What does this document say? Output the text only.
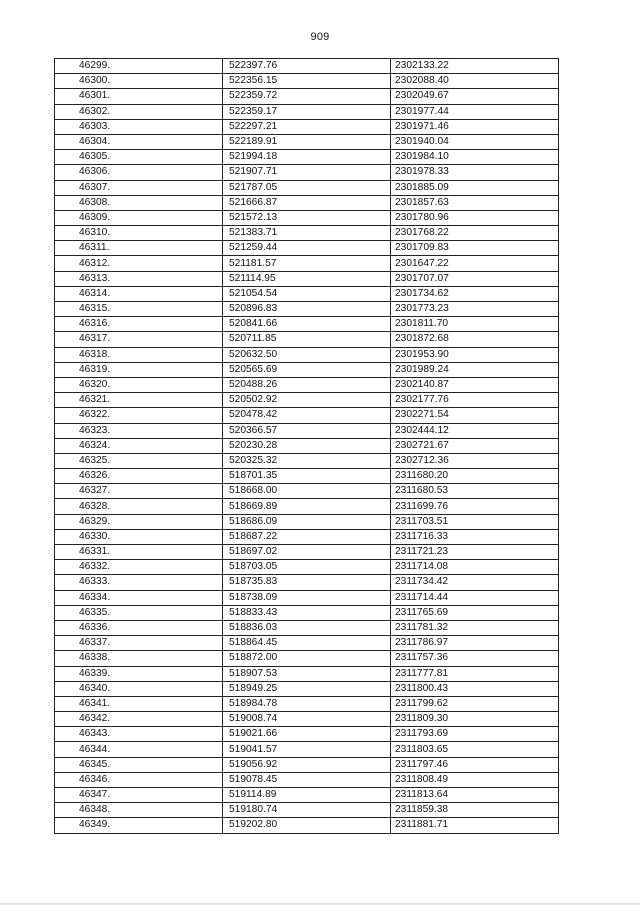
909
46299.	522397.76	2302133.22
46300.	522356.15	2302088.40
46301.	522359.72	2302049.67
46302.	522359.17	2301977.44
46303.	522297.21	2301971.46
46304.	522189.91	2301940.04
46305.	521994.18	2301984.10
46306.	521907.71	2301978.33
46307.	521787.05	2301885.09
46308.	521666.87	2301857.63
46309.	521572.13	2301780.96
46310.	521383.71	2301768.22
46311.	521259.44	2301709.83
46312.	521181.57	2301647.22
46313.	521114.95	2301707.07
46314.	521054.54	2301734.62
46315.	520896.83	2301773.23
46316.	520841.66	2301811.70
46317.	520711.85	2301872.68
46318.	520632.50	2301953.90
46319.	520565.69	2301989.24
46320.	520488.26	2302140.87
46321.	520502.92	2302177.76
46322.	520478.42	2302271.54
46323.	520366.57	2302444.12
46324.	520230.28	2302721.67
46325.	520325.32	2302712.36
46326.	518701.35	2311680.20
46327.	518668.00	2311680.53
46328.	518669.89	2311699.76
46329.	518686.09	2311703.51
46330.	518687.22	2311716.33
46331.	518697.02	2311721.23
46332.	518703.05	2311714.08
46333.	518735.83	2311734.42
46334.	518738.09	2311714.44
46335.	518833.43	2311765.69
46336.	518836.03	2311781.32
46337.	518864.45	2311786.97
46338.	518872.00	2311757.36
46339.	518907.53	2311777.81
46340.	518949.25	2311800.43
46341.	518984.78	2311799.62
46342.	519008.74	2311809.30
46343.	519021.66	2311793.69
46344.	519041.57	2311803.65
46345.	519056.92	2311797.46
46346.	519078.45	2311808.49
46347.	519114.89	2311813.64
46348.	519180.74	2311859.38
46349.	519202.80	2311881.71
